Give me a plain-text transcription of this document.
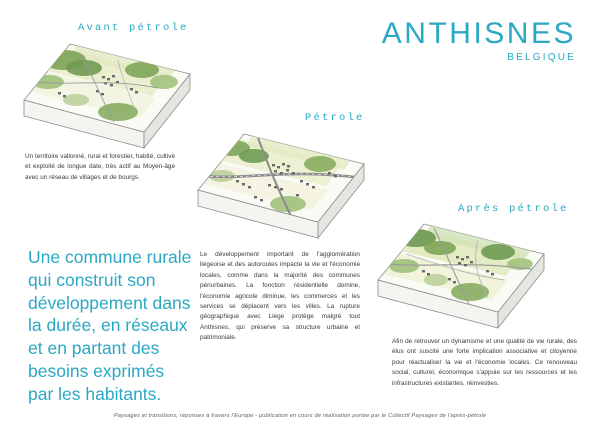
ANTHISNES
BELGIQUE
Avant pétrole
Un territoire vallonné, rural et forestier, habité, cultivé et exploité de longue date, très actif au Moyen-âge avec un réseau de villages et de bourgs.
Pétrole
Le développement important de l'agglomération liégeoise et des autoroutes impacte la vie et l'économie locales, comme dans la majorité des communes périurbaines. La fonction résidentielle domine, l'économie agricole diminue, les commerces et les services se déplacent vers les villes. La rupture géographique avec Liège protège malgré tout Anthisnes, qui préserve sa structure urbaine et patrimoniale.
Après pétrole
Afin de retrouver un dynamisme et une qualité de vie rurale, des élus ont suscité une forte implication associative et citoyenne pour réactualiser la vie et l'économie locales. Ce renouveau social, culturel, économique s'appuie sur les ressources et les infrastructures existantes, réinvesties.
Une commune rurale qui construit son développement dans la durée, en réseaux et en partant des besoins exprimés par les habitants.
Paysages et transitions, réponses à travers l'Europe - publication en cours de réalisation portée par le Collectif Paysages de l'après-pétrole
